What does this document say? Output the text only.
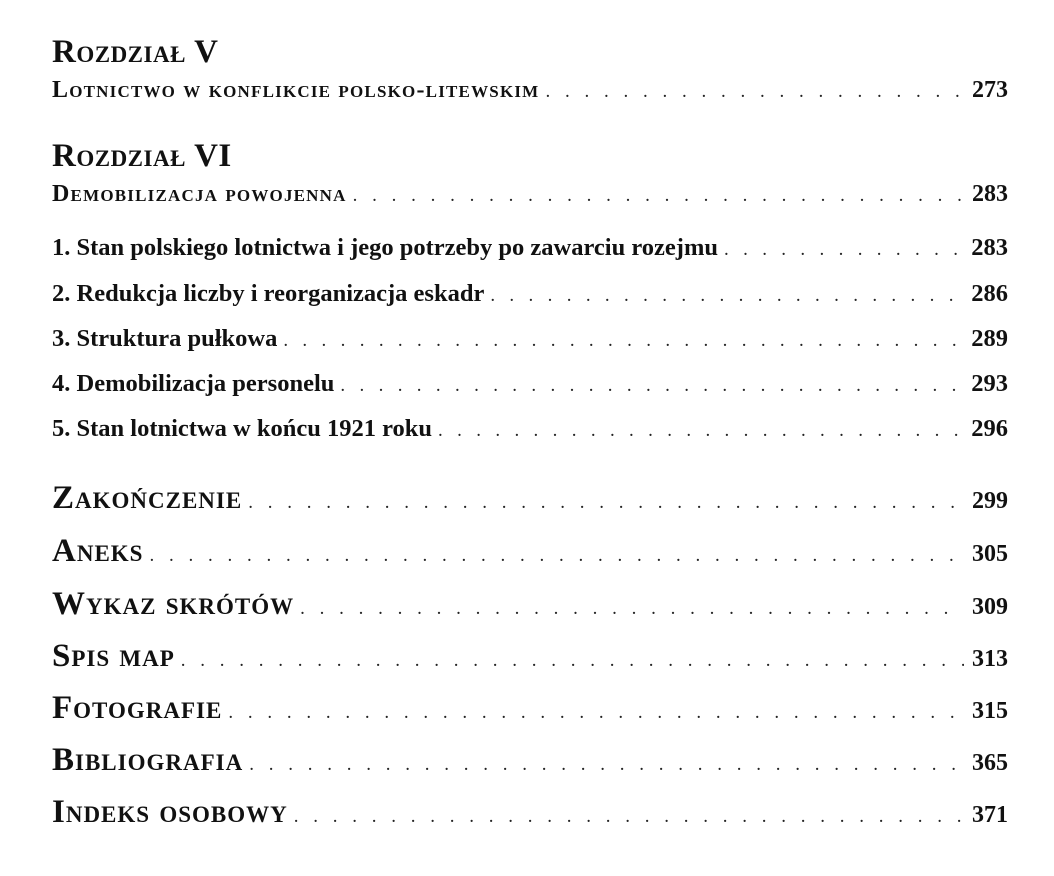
Rozdział V
Lotnictwo w konflikcie polsko-litewskim . . .	273
Rozdział VI
Demobilizacja powojenna . . .	283
1. Stan polskiego lotnictwa i jego potrzeby po zawarciu rozejmu . . .	283
2. Redukcja liczby i reorganizacja eskadr . . .	286
3. Struktura pułkowa . . .	289
4. Demobilizacja personelu . . .	293
5. Stan lotnictwa w końcu 1921 roku . . .	296
Zakończenie . . .	299
Aneks . . .	305
Wykaz skrótów . . .	309
Spis map . . .	313
Fotografie . . .	315
Bibliografia . . .	365
Indeks osobowy . . .	371
